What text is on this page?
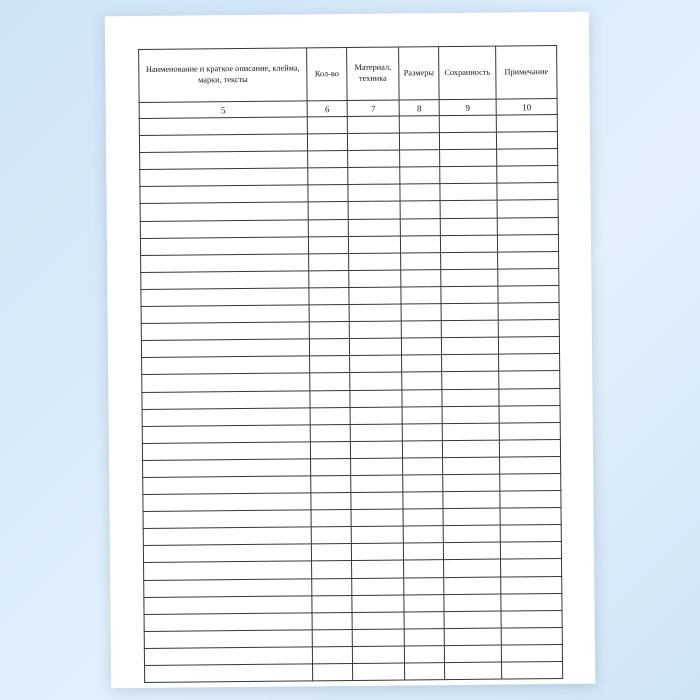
Наименование и краткое описание, клейма, марки, тексты	Кол-во	Материал, техника	Размеры	Сохранность	Примечание
5	6	7	8	9	10
